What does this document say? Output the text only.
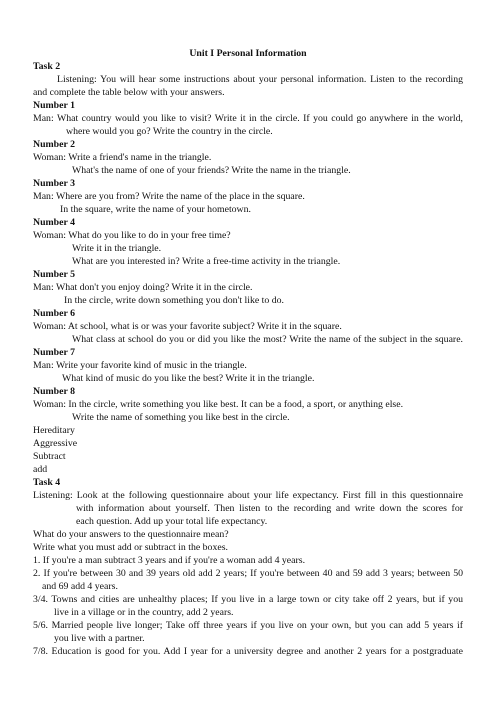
Unit I Personal Information
Task 2
Listening: You will hear some instructions about your personal information. Listen to the recording
and complete the table below with your answers.
Number 1
Man: What country would you like to visit? Write it in the circle. If you could go anywhere in the world,
where would you go? Write the country in the circle.
Number 2
Woman: Write a friend's name in the triangle.
What's the name of one of your friends? Write the name in the triangle.
Number 3
Man: Where are you from? Write the name of the place in the square.
In the square, write the name of your hometown.
Number 4
Woman: What do you like to do in your free time?
Write it in the triangle.
What are you interested in? Write a free-time activity in the triangle.
Number 5
Man: What don't you enjoy doing? Write it in the circle.
In the circle, write down something you don't like to do.
Number 6
Woman: At school, what is or was your favorite subject? Write it in the square.
What class at school do you or did you like the most? Write the name of the subject in the square.
Number 7
Man: Write your favorite kind of music in the triangle.
What kind of music do you like the best? Write it in the triangle.
Number 8
Woman: In the circle, write something you like best. It can be a food, a sport, or anything else.
Write the name of something you like best in the circle.
Hereditary
Aggressive
Subtract
add
Task 4
Listening: Look at the following questionnaire about your life expectancy. First fill in this questionnaire
with information about yourself. Then listen to the recording and write down the scores for
each question. Add up your total life expectancy.
What do your answers to the questionnaire mean?
Write what you must add or subtract in the boxes.
1. If you're a man subtract 3 years and if you're a woman add 4 years.
2. If you're between 30 and 39 years old add 2 years; If you're between 40 and 59 add 3 years; between 50
and 69 add 4 years.
3/4. Towns and cities are unhealthy places; If you live in a large town or city take off 2 years, but if you
live in a village or in the country, add 2 years.
5/6. Married people live longer; Take off three years if you live on your own, but you can add 5 years if
you live with a partner.
7/8. Education is good for you. Add I year for a university degree and another 2 years for a postgraduate
